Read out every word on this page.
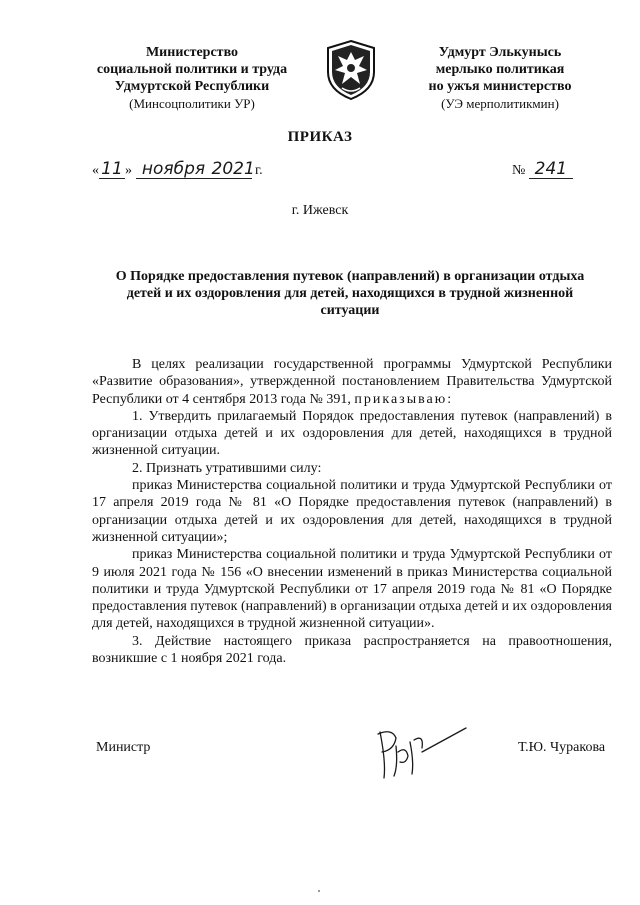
Министерство
социальной политики и труда
Удмуртской Республики
(Минсоцполитики УР)
Удмурт Элькунысь
мерлыко политикая
но ужъя министерство
(УЭ мерполитикмин)
ПРИКАЗ
« 11 » ноября 2021 г.	№ 241
г. Ижевск
О Порядке предоставления путевок (направлений) в организации отдыха детей и их оздоровления для детей, находящихся в трудной жизненной ситуации

В целях реализации государственной программы Удмуртской Республики «Развитие образования», утвержденной постановлением Правительства Удмуртской Республики от 4 сентября 2013 года № 391, приказываю:

1. Утвердить прилагаемый Порядок предоставления путевок (направлений) в организации отдыха детей и их оздоровления для детей, находящихся в трудной жизненной ситуации.

2. Признать утратившими силу:

приказ Министерства социальной политики и труда Удмуртской Республики от 17 апреля 2019 года № 81 «О Порядке предоставления путевок (направлений) в организации отдыха детей и их оздоровления для детей, находящихся в трудной жизненной ситуации»;

приказ Министерства социальной политики и труда Удмуртской Республики от 9 июля 2021 года № 156 «О внесении изменений в приказ Министерства социальной политики и труда Удмуртской Республики от 17 апреля 2019 года № 81 «О Порядке предоставления путевок (направлений) в организации отдыха детей и их оздоровления для детей, находящихся в трудной жизненной ситуации».

3. Действие настоящего приказа распространяется на правоотношения, возникшие с 1 ноября 2021 года.

Министр	Т.Ю. Чуракова
